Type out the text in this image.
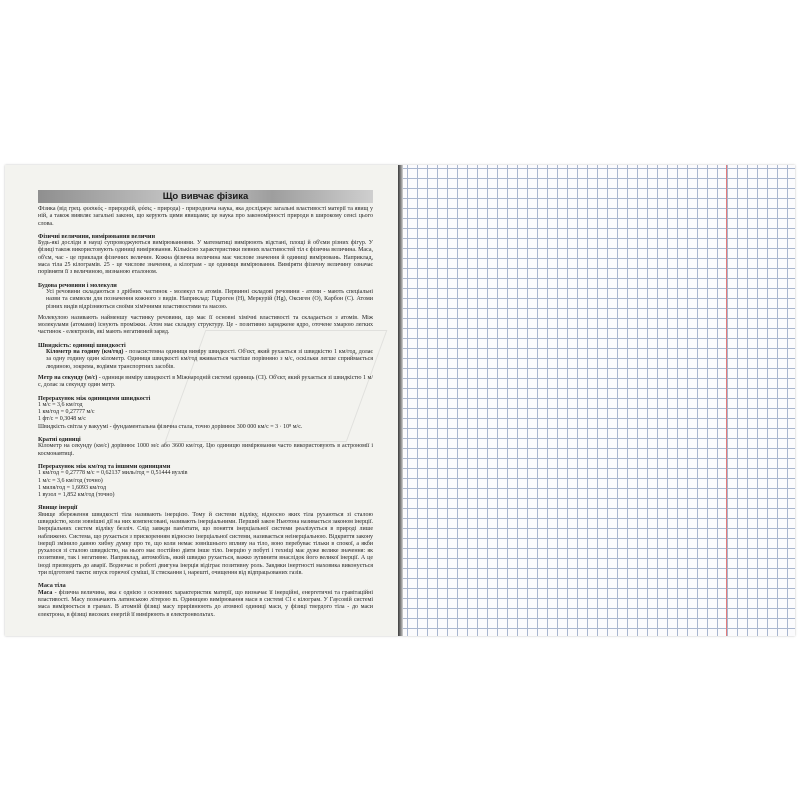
Що вивчає фізика

Фізика (від грец. φυσικός - природній, φύσις - природа) - природнича наука, яка досліджує загальні властивості матерії та явищ у ній, а також виявляє загальні закони, що керують цими явищами; це наука про закономірності природи в широкому сенсі цього слова.

Фізичні величини, вимірювання величин

Будь-які досліди в науці супроводжуються вимірюваннями. У математиці вимірюють відстані, площі й об'єми різних фігур. У фізиці також використовують одиниці вимірювання. Кількісно характеристики певних властивостей тіл є фізична величина. Маса, об'єм, час - це приклади фізичних величин. Кожна фізична величина має числове значення й одиниці вимірювань. Наприклад, маса тіла 25 кілограмів. 25 - це числове значення, а кілограм - це одиниця вимірювання. Виміряти фізичну величину означає порівняти її з величиною, визнаною еталоном.

Будова речовини і молекули

Усі речовини складаються з дрібних частинок - молекул та атомів. Первинні складові речовини - атоми - мають спеціальні назви та символи для позначення кожного з видів. Наприклад: Гідроген (Н), Меркурій (Hg), Оксиген (О), Карбон (С). Атоми різних видів відрізняються своїми хімічними властивостями та масою.

Молекулою називають найменшу частинку речовини, що має її основні хімічні властивості та складається з атомів. Між молекулами (атомами) існують проміжки. Атом має складну структуру. Це - позитивно заряджене ядро, оточене хмарою легких частинок - електронів, які мають негативний заряд.

Швидкість: одиниці швидкості

Кілометр на годину (км/год) - позасистемна одиниця виміру швидкості. Об'єкт, який рухається зі швидкістю 1 км/год, долає за одну годину один кілометр. Одиниця швидкості км/год вживається частіше порівняно з м/с, оскільки легше сприймається людиною, зокрема, водіями транспортних засобів.

Метр на секунду (м/с) - одиниця виміру швидкості в Міжнародній системі одиниць (СІ). Об'єкт, який рухається зі швидкістю 1 м/с, долає за секунду один метр.

Перерахунок між одиницями швидкості

1 м/с = 3,6 км/год

1 км/год = 0,27777 м/с

1 фт/с = 0,3048 м/с

Швидкість світла у вакуумі - фундаментальна фізична стала, точно дорівнює 300 000 км/с = 3 · 10⁸ м/с.

Кратні одиниці

Кілометр на секунду (км/с) дорівнює 1000 м/с або 3600 км/год. Цю одиницю вимірювання часто використовують в астрономії і космонавтиці.

Перерахунок між км/год та іншими одиницями

1 км/год = 0,27778 м/с = 0,62137 миль/год = 0,51444 вузлів

1 м/с = 3,6 км/год (точно)

1 миля/год = 1,6093 км/год

1 вузол = 1,852 км/год (точно)

Явище інерції

Явище збереження швидкості тіла називають інерцією. Тому й системи відліку, відносно яких тіла рухаються зі сталою швидкістю, коли зовнішні дії на них компенсовані, називають інерціальними. Перший закон Ньютона називається законом інерції. Інерціальних систем відліку безліч. Слід завжди пам'ятати, що поняття інерціальної системи реалізується в природі лише наближено. Система, що рухається з прискоренням відносно інерціальної системи, називається неінерціальною. Відкриття закону інерції змінило давню хибну думку про те, що коли немає зовнішнього впливу на тіло, воно перебуває тільки в спокої, а якби рухалося зі сталою швидкістю, на нього має постійно діяти інше тіло. Інерцію у побуті і техніці має дуже велике значення: як позитивне, так і негативне. Наприклад, автомобіль, який швидко рухається, важко зупинити внаслідок його великої інерції. А це іноді призводить до аварії. Водночас в роботі двигуна інерція відіграє позитивну роль. Завдяки інертності маховика виконується три підготовчі такти: впуск горючої суміші, її стискання і, нарешті, очищення від відпрацьованих газів.

Маса тіла

Маса - фізична величина, яка є однією з основних характеристик матерії, що визначає її інерційні, енергетичні та гравітаційні властивості. Масу позначають латинською літерою m. Одиницею вимірювання маси в системі СІ є кілограм. У Гаусовій системі маса вимірюється в грамах. В атомній фізиці масу прирівнюють до атомної одиниці маси, у фізиці твердого тіла - до маси електрона, в фізиці високих енергій її вимірюють в електронвольтах.
